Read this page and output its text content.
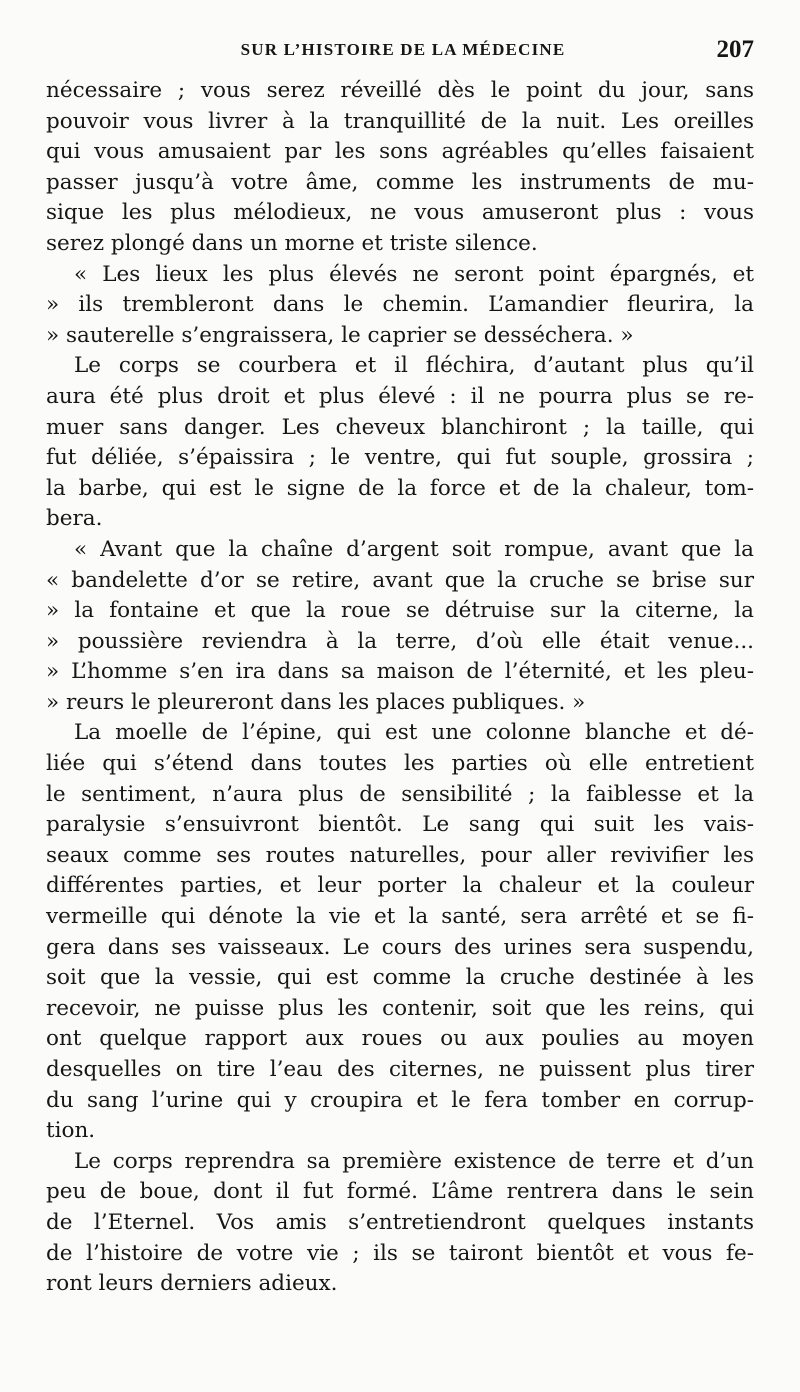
SUR L’HISTOIRE DE LA MÉDECINE	207
nécessaire ; vous serez réveillé dès le point du jour, sans
pouvoir vous livrer à la tranquillité de la nuit. Les oreilles
qui vous amusaient par les sons agréables qu’elles faisaient
passer jusqu’à votre âme, comme les instruments de mu-
sique les plus mélodieux, ne vous amuseront plus : vous
serez plongé dans un morne et triste silence.
« Les lieux les plus élevés ne seront point épargnés, et
» ils trembleront dans le chemin. L’amandier fleurira, la
» sauterelle s’engraissera, le caprier se desséchera. »
Le corps se courbera et il fléchira, d’autant plus qu’il
aura été plus droit et plus élevé : il ne pourra plus se re-
muer sans danger. Les cheveux blanchiront ; la taille, qui
fut déliée, s’épaissira ; le ventre, qui fut souple, grossira ;
la barbe, qui est le signe de la force et de la chaleur, tom-
bera.
« Avant que la chaîne d’argent soit rompue, avant que la
« bandelette d’or se retire, avant que la cruche se brise sur
» la fontaine et que la roue se détruise sur la citerne, la
» poussière reviendra à la terre, d’où elle était venue...
» L’homme s’en ira dans sa maison de l’éternité, et les pleu-
» reurs le pleureront dans les places publiques. »
La moelle de l’épine, qui est une colonne blanche et dé-
liée qui s’étend dans toutes les parties où elle entretient
le sentiment, n’aura plus de sensibilité ; la faiblesse et la
paralysie s’ensuivront bientôt. Le sang qui suit les vais-
seaux comme ses routes naturelles, pour aller revivifier les
différentes parties, et leur porter la chaleur et la couleur
vermeille qui dénote la vie et la santé, sera arrêté et se fi-
gera dans ses vaisseaux. Le cours des urines sera suspendu,
soit que la vessie, qui est comme la cruche destinée à les
recevoir, ne puisse plus les contenir, soit que les reins, qui
ont quelque rapport aux roues ou aux poulies au moyen
desquelles on tire l’eau des citernes, ne puissent plus tirer
du sang l’urine qui y croupira et le fera tomber en corrup-
tion.
Le corps reprendra sa première existence de terre et d’un
peu de boue, dont il fut formé. L’âme rentrera dans le sein
de l’Eternel. Vos amis s’entretiendront quelques instants
de l’histoire de votre vie ; ils se tairont bientôt et vous fe-
ront leurs derniers adieux.
